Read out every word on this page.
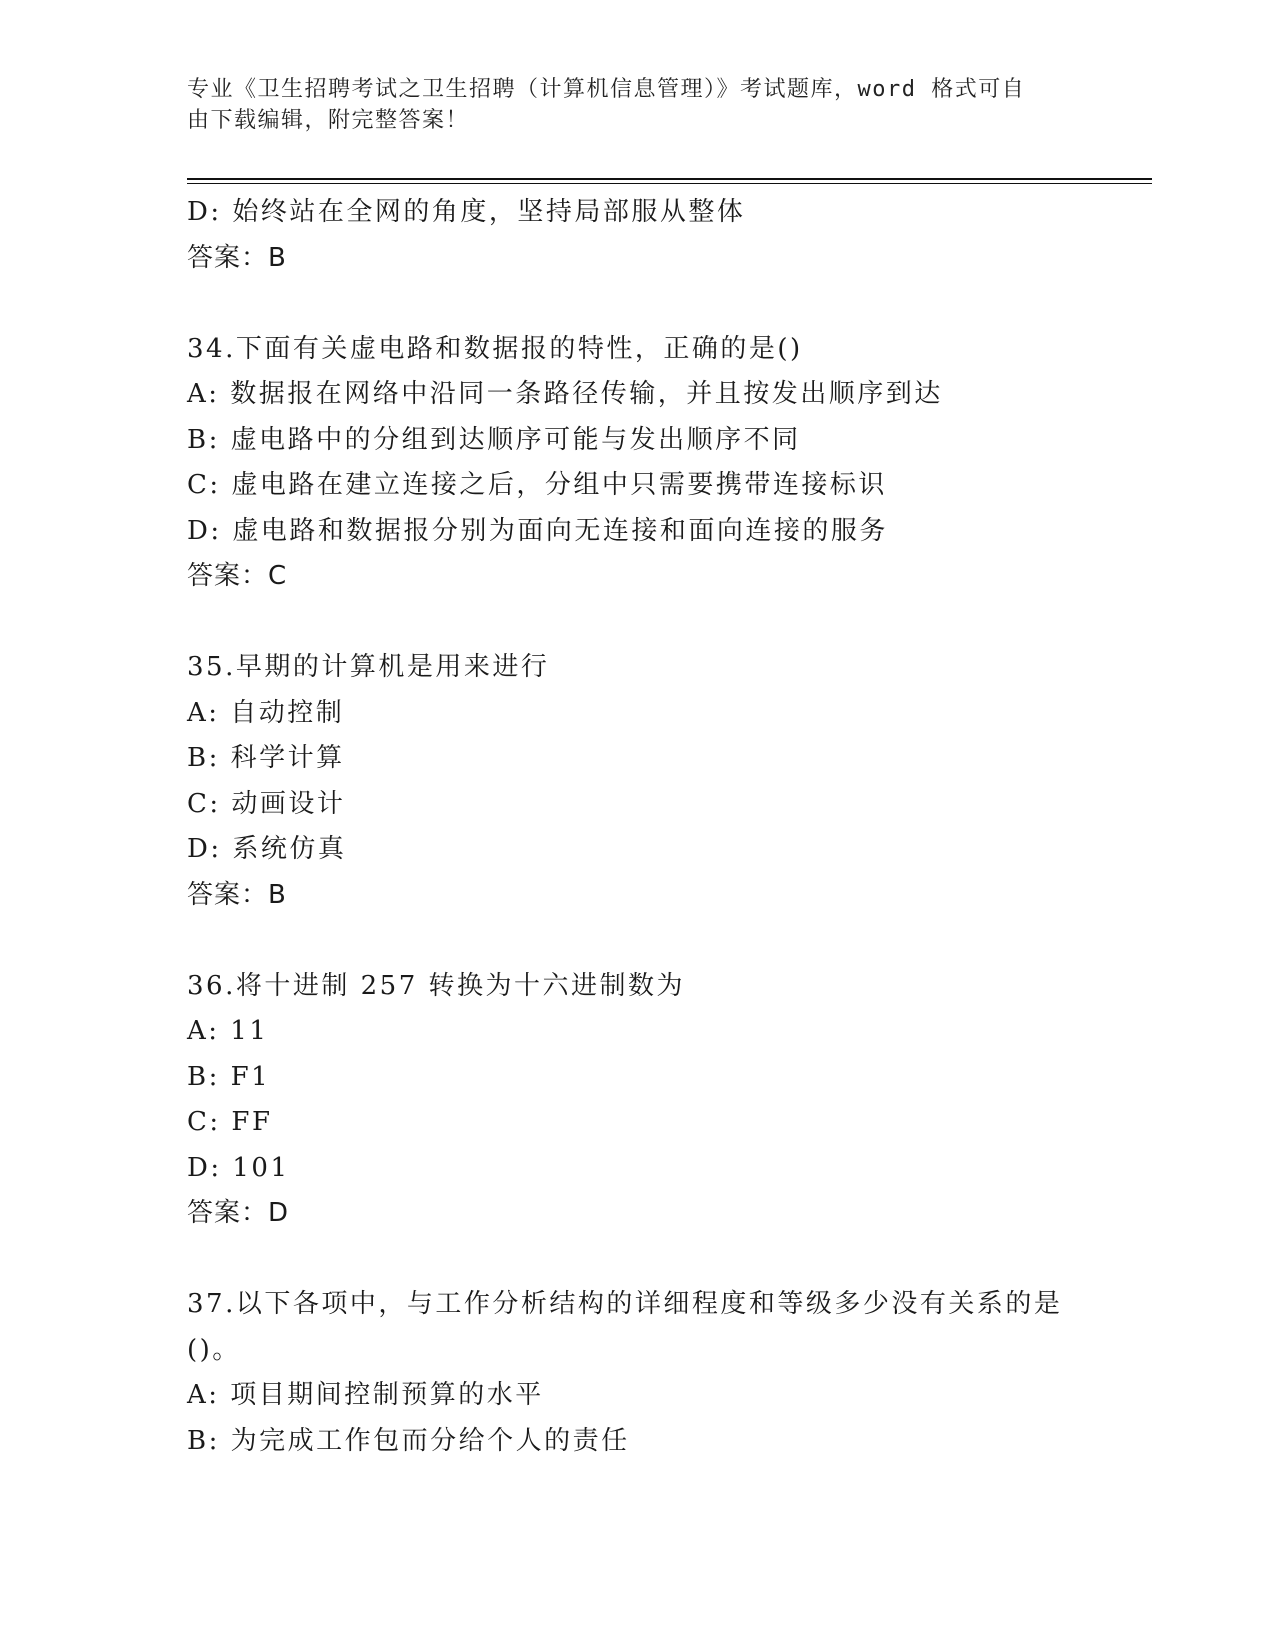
专业《卫生招聘考试之卫生招聘（计算机信息管理）》考试题库，word 格式可自
由下载编辑，附完整答案！
D: 始终站在全网的角度，坚持局部服从整体
答案：B
34.下面有关虚电路和数据报的特性，正确的是()
A: 数据报在网络中沿同一条路径传输，并且按发出顺序到达
B: 虚电路中的分组到达顺序可能与发出顺序不同
C: 虚电路在建立连接之后，分组中只需要携带连接标识
D: 虚电路和数据报分别为面向无连接和面向连接的服务
答案：C
35.早期的计算机是用来进行
A: 自动控制
B: 科学计算
C: 动画设计
D: 系统仿真
答案：B
36.将十进制 257 转换为十六进制数为
A: 11
B: F1
C: FF
D: 101
答案：D
37.以下各项中，与工作分析结构的详细程度和等级多少没有关系的是
()。
A: 项目期间控制预算的水平
B: 为完成工作包而分给个人的责任
